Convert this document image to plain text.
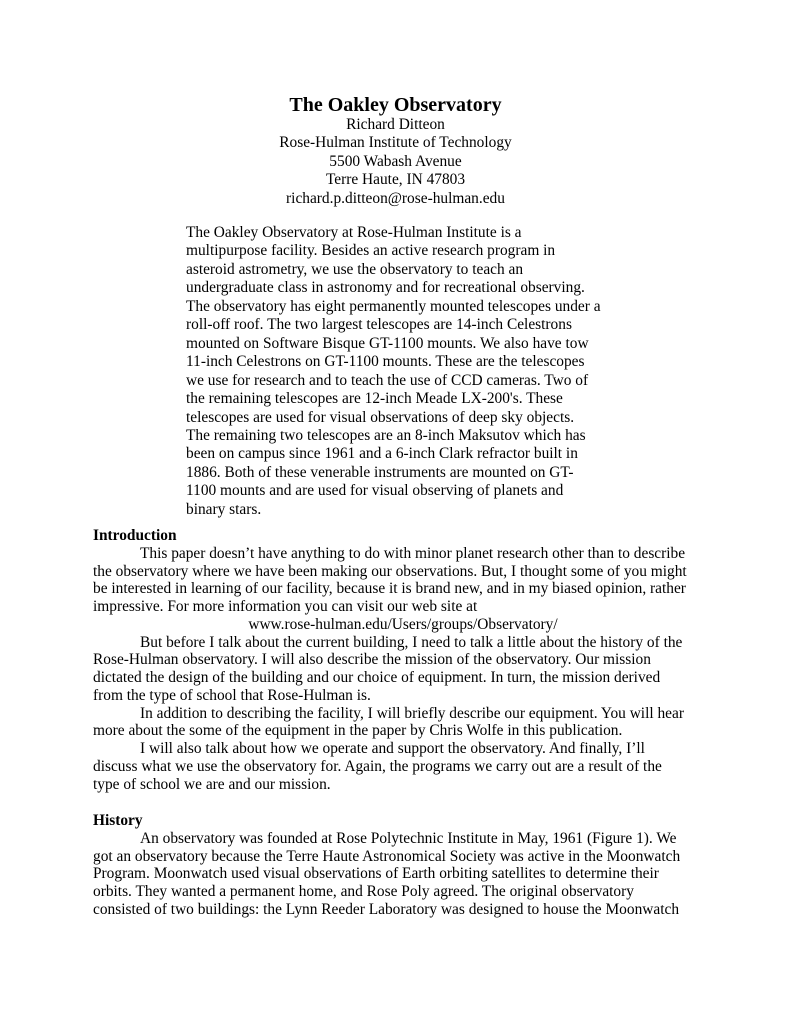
The Oakley Observatory
Richard Ditteon
Rose-Hulman Institute of Technology
5500 Wabash Avenue
Terre Haute, IN 47803
richard.p.ditteon@rose-hulman.edu
The Oakley Observatory at Rose-Hulman Institute is a
multipurpose facility. Besides an active research program in
asteroid astrometry, we use the observatory to teach an
undergraduate class in astronomy and for recreational observing.
The observatory has eight permanently mounted telescopes under a
roll-off roof. The two largest telescopes are 14-inch Celestrons
mounted on Software Bisque GT-1100 mounts. We also have tow
11-inch Celestrons on GT-1100 mounts. These are the telescopes
we use for research and to teach the use of CCD cameras. Two of
the remaining telescopes are 12-inch Meade LX-200's. These
telescopes are used for visual observations of deep sky objects.
The remaining two telescopes are an 8-inch Maksutov which has
been on campus since 1961 and a 6-inch Clark refractor built in
1886. Both of these venerable instruments are mounted on GT-
1100 mounts and are used for visual observing of planets and
binary stars.
Introduction
This paper doesn’t have anything to do with minor planet research other than to describe
the observatory where we have been making our observations. But, I thought some of you might
be interested in learning of our facility, because it is brand new, and in my biased opinion, rather
impressive. For more information you can visit our web site at
www.rose-hulman.edu/Users/groups/Observatory/
But before I talk about the current building, I need to talk a little about the history of the
Rose-Hulman observatory. I will also describe the mission of the observatory. Our mission
dictated the design of the building and our choice of equipment. In turn, the mission derived
from the type of school that Rose-Hulman is.
In addition to describing the facility, I will briefly describe our equipment. You will hear
more about the some of the equipment in the paper by Chris Wolfe in this publication.
I will also talk about how we operate and support the observatory. And finally, I’ll
discuss what we use the observatory for. Again, the programs we carry out are a result of the
type of school we are and our mission.
History
An observatory was founded at Rose Polytechnic Institute in May, 1961 (Figure 1). We
got an observatory because the Terre Haute Astronomical Society was active in the Moonwatch
Program. Moonwatch used visual observations of Earth orbiting satellites to determine their
orbits. They wanted a permanent home, and Rose Poly agreed. The original observatory
consisted of two buildings: the Lynn Reeder Laboratory was designed to house the Moonwatch
